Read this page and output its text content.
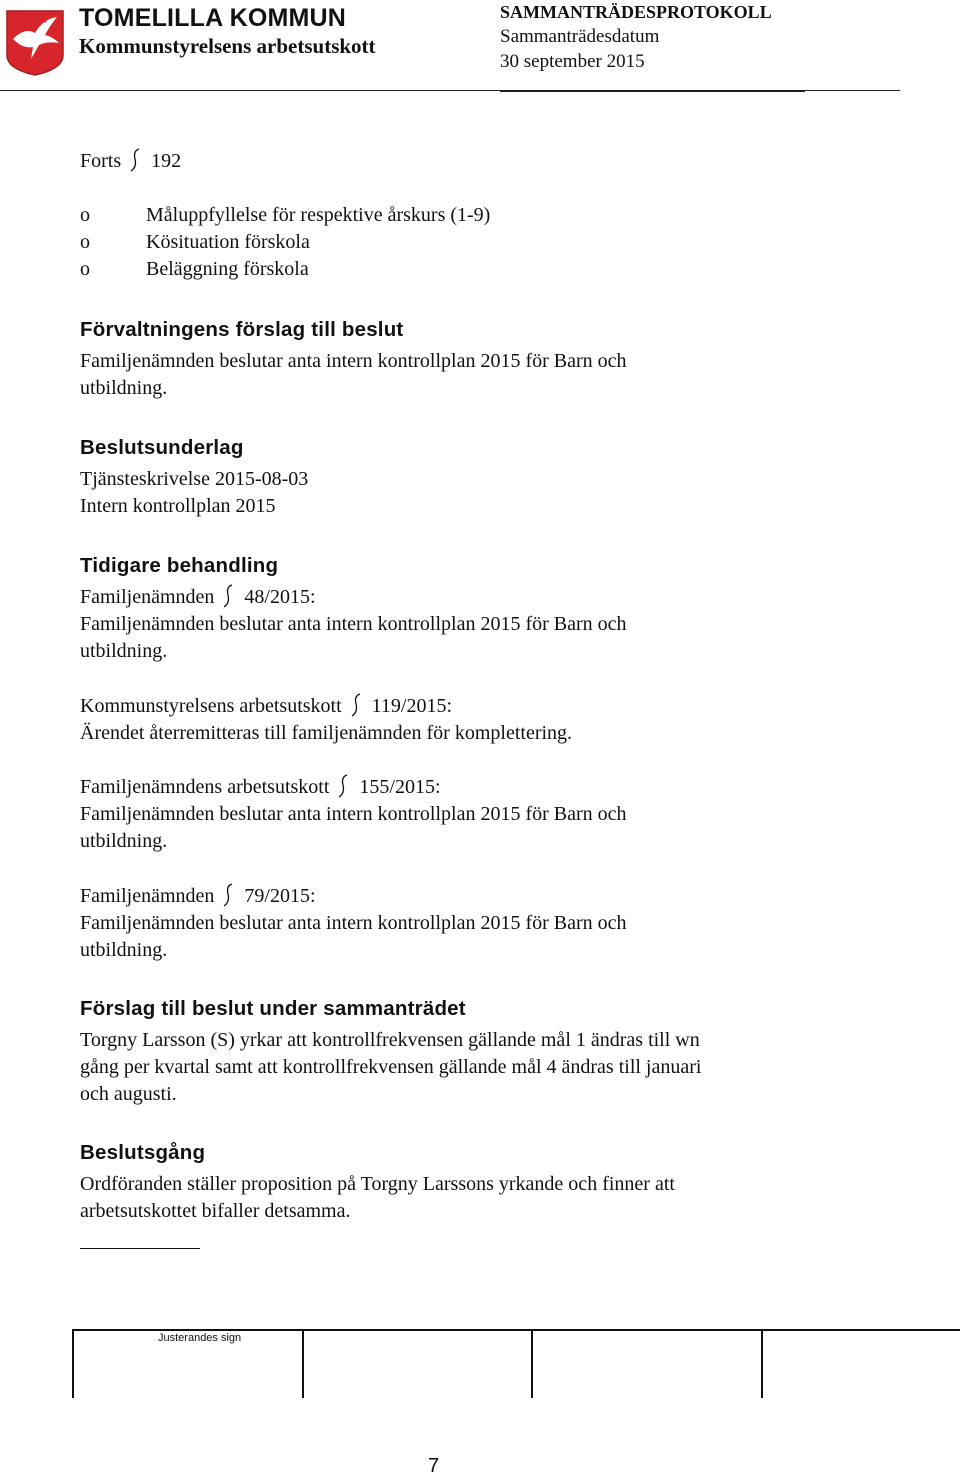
TOMELILLA KOMMUN
Kommunstyrelsens arbetsutskott
SAMMANTRÄDESPROTOKOLL
Sammanträdesdatum
30 september 2015
Forts 192
o	Måluppfyllelse för respektive årskurs (1-9)
o	Kösituation förskola
o	Beläggning förskola
Förvaltningens förslag till beslut
Familjenämnden beslutar anta intern kontrollplan 2015 för Barn och
utbildning.
Beslutsunderlag
Tjänsteskrivelse 2015-08-03
Intern kontrollplan 2015
Tidigare behandling
Familjenämnden 48/2015:
Familjenämnden beslutar anta intern kontrollplan 2015 för Barn och
utbildning.
Kommunstyrelsens arbetsutskott 119/2015:
Ärendet återremitteras till familjenämnden för komplettering.
Familjenämndens arbetsutskott 155/2015:
Familjenämnden beslutar anta intern kontrollplan 2015 för Barn och
utbildning.
Familjenämnden 79/2015:
Familjenämnden beslutar anta intern kontrollplan 2015 för Barn och
utbildning.
Förslag till beslut under sammanträdet
Torgny Larsson (S) yrkar att kontrollfrekvensen gällande mål 1 ändras till wn
gång per kvartal samt att kontrollfrekvensen gällande mål 4 ändras till januari
och augusti.
Beslutsgång
Ordföranden ställer proposition på Torgny Larssons yrkande och finner att
arbetsutskottet bifaller detsamma.
Justerandes sign
7
